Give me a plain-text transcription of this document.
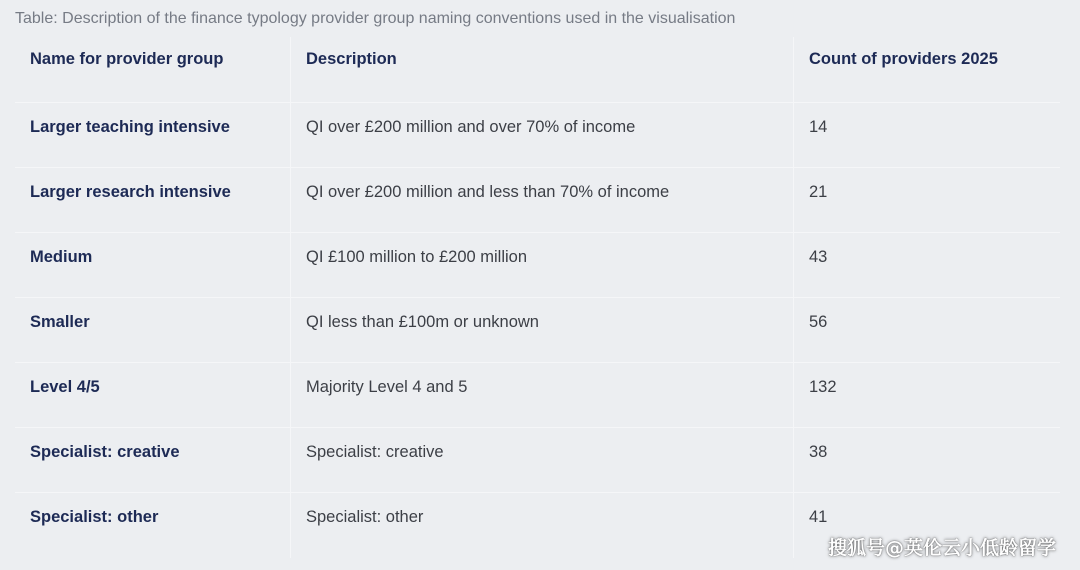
Table: Description of the finance typology provider group naming conventions used in the visualisation
Name for provider group	Description	Count of providers 2025
Larger teaching intensive	QI over £200 million and over 70% of income	14
Larger research intensive	QI over £200 million and less than 70% of income	21
Medium	QI £100 million to £200 million	43
Smaller	QI less than £100m or unknown	56
Level 4/5	Majority Level 4 and 5	132
Specialist: creative	Specialist: creative	38
Specialist: other	Specialist: other	41
搜狐号@英伦云小低龄留学
